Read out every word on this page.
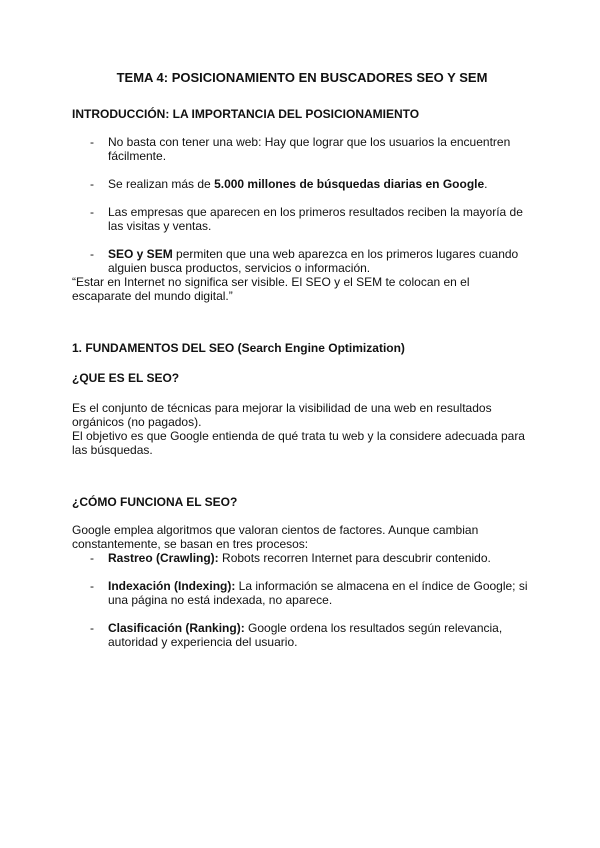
TEMA 4: POSICIONAMIENTO EN BUSCADORES SEO Y SEM
INTRODUCCIÓN: LA IMPORTANCIA DEL POSICIONAMIENTO
- No basta con tener una web: Hay que lograr que los usuarios la encuentren fácilmente.
- Se realizan más de 5.000 millones de búsquedas diarias en Google.
- Las empresas que aparecen en los primeros resultados reciben la mayoría de las visitas y ventas.
- SEO y SEM permiten que una web aparezca en los primeros lugares cuando alguien busca productos, servicios o información.

“Estar en Internet no significa ser visible. El SEO y el SEM te colocan en el escaparate del mundo digital.”

1. FUNDAMENTOS DEL SEO (Search Engine Optimization)
¿QUE ES EL SEO?

Es el conjunto de técnicas para mejorar la visibilidad de una web en resultados orgánicos (no pagados).

El objetivo es que Google entienda de qué trata tu web y la considere adecuada para las búsquedas.

¿CÓMO FUNCIONA EL SEO?

Google emplea algoritmos que valoran cientos de factores. Aunque cambian constantemente, se basan en tres procesos:

- Rastreo (Crawling): Robots recorren Internet para descubrir contenido.
- Indexación (Indexing): La información se almacena en el índice de Google; si una página no está indexada, no aparece.
- Clasificación (Ranking): Google ordena los resultados según relevancia, autoridad y experiencia del usuario.
